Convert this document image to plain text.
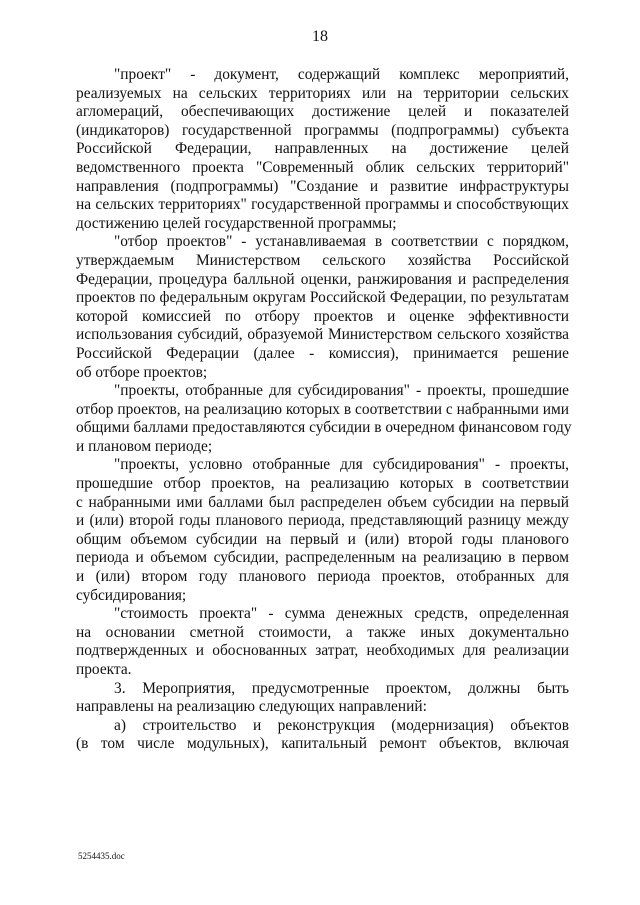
18
"проект" - документ, содержащий комплекс мероприятий,
реализуемых на сельских территориях или на территории сельских
агломераций, обеспечивающих достижение целей и показателей
(индикаторов) государственной программы (подпрограммы) субъекта
Российской Федерации, направленных на достижение целей
ведомственного проекта "Современный облик сельских территорий"
направления (подпрограммы) "Создание и развитие инфраструктуры
на сельских территориях" государственной программы и способствующих
достижению целей государственной программы;
"отбор проектов" - устанавливаемая в соответствии с порядком,
утверждаемым Министерством сельского хозяйства Российской
Федерации, процедура балльной оценки, ранжирования и распределения
проектов по федеральным округам Российской Федерации, по результатам
которой комиссией по отбору проектов и оценке эффективности
использования субсидий, образуемой Министерством сельского хозяйства
Российской Федерации (далее - комиссия), принимается решение
об отборе проектов;
"проекты, отобранные для субсидирования" - проекты, прошедшие
отбор проектов, на реализацию которых в соответствии с набранными ими
общими баллами предоставляются субсидии в очередном финансовом году
и плановом периоде;
"проекты, условно отобранные для субсидирования" - проекты,
прошедшие отбор проектов, на реализацию которых в соответствии
с набранными ими баллами был распределен объем субсидии на первый
и (или) второй годы планового периода, представляющий разницу между
общим объемом субсидии на первый и (или) второй годы планового
периода и объемом субсидии, распределенным на реализацию в первом
и (или) втором году планового периода проектов, отобранных для
субсидирования;
"стоимость проекта" - сумма денежных средств, определенная
на основании сметной стоимости, а также иных документально
подтвержденных и обоснованных затрат, необходимых для реализации
проекта.
3. Мероприятия, предусмотренные проектом, должны быть
направлены на реализацию следующих направлений:
а) строительство и реконструкция (модернизация) объектов
(в том числе модульных), капитальный ремонт объектов, включая
5254435.doc
